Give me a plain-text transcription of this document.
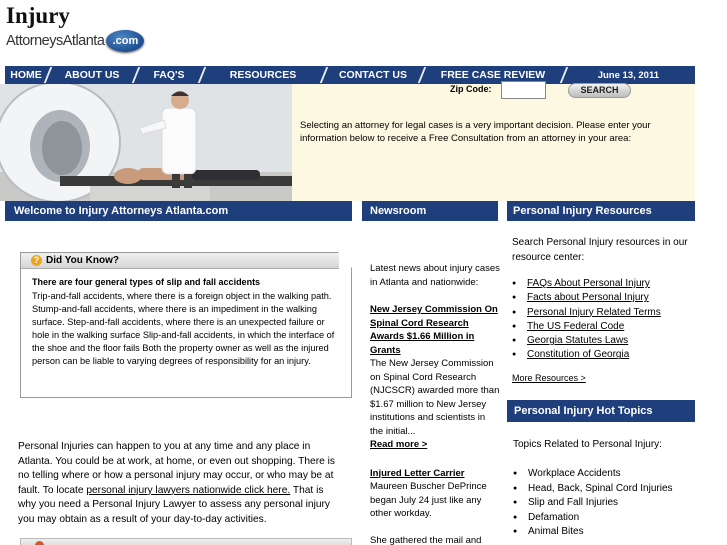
Injury
AttorneysAtlanta .com
HOME	ABOUT US	FAQ'S	RESOURCES	CONTACT US	FREE CASE REVIEW	June 13, 2011
Selecting an attorney for legal cases is a very important decision. Please enter your information below to receive a Free Consultation from an attorney in your area:
Zip Code:	SEARCH
Welcome to Injury Attorneys Atlanta.com	Newsroom	Personal Injury Resources
Personal Injury Hot Topics
? Did You Know?
There are four general types of slip and fall accidents
Trip-and-fall accidents, where there is a foreign object in the walking path. Stump-and-fall accidents, where there is an impediment in the walking surface. Step-and-fall accidents, where there is an unexpected failure or hole in the walking surface Slip-and-fall accidents, in which the interface of the shoe and the floor fails Both the property owner as well as the injured person can be liable to varying degrees of responsibility for an injury.
Personal Injuries can happen to you at any time and any place in Atlanta. You could be at work, at home, or even out shopping. There is no telling where or how a personal injury may occur, or who may be at fault. To locate personal injury lawyers nationwide click here. That is why you need a Personal Injury Lawyer to assess any personal injury you may obtain as a result of your day-to-day activities.

Latest news about injury cases in Atlanta and nationwide:

New Jersey Commission On Spinal Cord Research Awards $1.66 Million in Grants

The New Jersey Commission on Spinal Cord Research (NJCSCR) awarded more than $1.67 million to New Jersey institutions and scientists in the initial...

Read more >

Injured Letter Carrier

Maureen Buscher DePrince began July 24 just like any other workday.

She gathered the mail and

Search Personal Injury resources in our resource center:

● FAQs About Personal Injury
● Facts about Personal Injury
● Personal Injury Related Terms
● The US Federal Code
● Georgia Statutes Laws
● Constitution of Georgia
More Resources >

Topics Related to Personal Injury:

● Workplace Accidents
● Head, Back, Spinal Cord Injuries
● Slip and Fall Injuries
● Defamation
● Animal Bites
